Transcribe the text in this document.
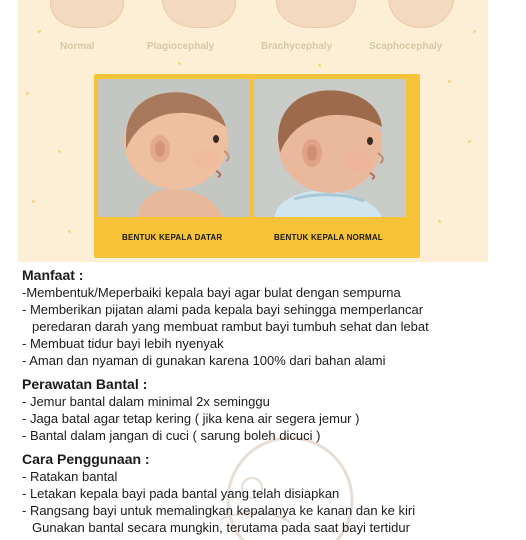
Normal	Plagiocephaly	Brachycephaly	Scaphocephaly
BENTUK KEPALA DATAR	BENTUK KEPALA NORMAL
Manfaat :
-Membentuk/Meperbaiki kepala bayi agar bulat dengan sempurna
- Memberikan pijatan alami pada kepala bayi sehingga memperlancar
peredaran darah yang membuat rambut bayi tumbuh sehat dan lebat
- Membuat tidur bayi lebih nyenyak
- Aman dan nyaman di gunakan karena 100% dari bahan alami
Perawatan Bantal :
- Jemur bantal dalam minimal 2x seminggu
- Jaga batal agar tetap kering ( jika kena air segera jemur )
- Bantal dalam jangan di cuci ( sarung boleh dicuci )
Cara Penggunaan :
- Ratakan bantal
- Letakan kepala bayi pada bantal yang telah disiapkan
- Rangsang bayi untuk memalingkan kepalanya ke kanan dan ke kiri
Gunakan bantal secara mungkin, terutama pada saat bayi tertidur
